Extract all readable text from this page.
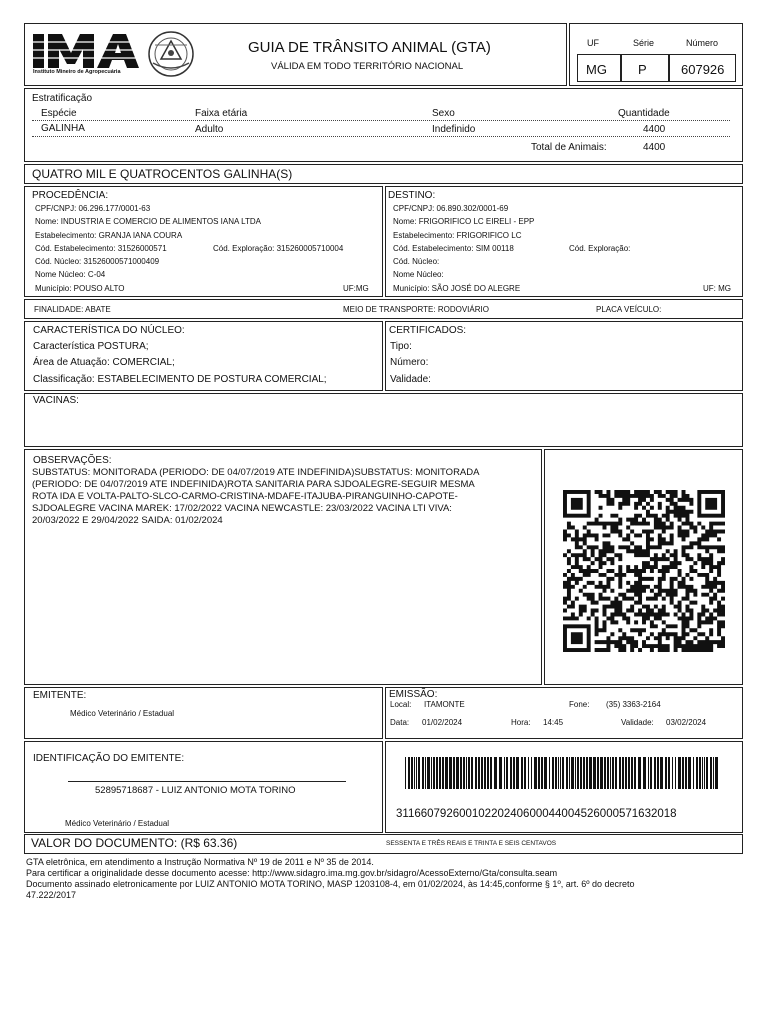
Instituto Mineiro de Agropecuária
GUIA DE TRÂNSITO ANIMAL (GTA)
VÁLIDA EM TODO TERRITÓRIO NACIONAL
UF	Série	Número
MG P	607926
Estratificação
Espécie	Faixa etária	Sexo	Quantidade
GALINHA	Adulto	Indefinido	4400
Total de Animais:	4400
QUATRO MIL E QUATROCENTOS GALINHA(S)
PROCEDÊNCIA:
CPF/CNPJ: 06.296.177/0001-63
Nome: INDUSTRIA E COMERCIO DE ALIMENTOS IANA LTDA
Estabelecimento: GRANJA IANA COURA
Cód. Estabelecimento: 31526000571	Cód. Exploração: 315260005710004
Cód. Núcleo: 31526000571000409
Nome Núcleo: C-04
Município: POUSO ALTO	UF:MG
DESTINO:
CPF/CNPJ: 06.890.302/0001-69
Nome: FRIGORIFICO LC EIRELI - EPP
Estabelecimento: FRIGORIFICO LC
Cód. Estabelecimento: SIM 00118	Cód. Exploração:
Cód. Núcleo:
Nome Núcleo:
Município: SÃO JOSÉ DO ALEGRE	UF: MG
FINALIDADE: ABATE	MEIO DE TRANSPORTE: RODOVIÁRIO	PLACA VEÍCULO:
CARACTERÍSTICA DO NÚCLEO:
Característica POSTURA;
Área de Atuação: COMERCIAL;
Classificação: ESTABELECIMENTO DE POSTURA COMERCIAL;
CERTIFICADOS:
Tipo:
Número:
Validade:
VACINAS:
OBSERVAÇÕES:
SUBSTATUS: MONITORADA (PERIODO: DE 04/07/2019 ATE INDEFINIDA)SUBSTATUS: MONITORADA
(PERIODO: DE 04/07/2019 ATE INDEFINIDA)ROTA SANITARIA PARA SJDOALEGRE-SEGUIR MESMA
ROTA IDA E VOLTA-PALTO-SLCO-CARMO-CRISTINA-MDAFE-ITAJUBA-PIRANGUINHO-CAPOTE-
SJDOALEGRE VACINA MAREK: 17/02/2022 VACINA NEWCASTLE: 23/03/2022 VACINA LTI VIVA:
20/03/2022 E 29/04/2022 SAIDA: 01/02/2024
EMITENTE:
Médico Veterinário / Estadual
EMISSÃO:
Local: ITAMONTE	Fone: (35) 3363-2164
Data: 01/02/2024	Hora: 14:45	Validade: 03/02/2024
IDENTIFICAÇÃO DO EMITENTE:
52895718687 - LUIZ ANTONIO MOTA TORINO
Médico Veterinário / Estadual
31166079260010220240600044004526000571632018
VALOR DO DOCUMENTO: (R$ 63.36)	SESSENTA E TRÊS REAIS E TRINTA E SEIS CENTAVOS
GTA eletrônica, em atendimento a Instrução Normativa Nº 19 de 2011 e Nº 35 de 2014.
Para certificar a originalidade desse documento acesse: http://www.sidagro.ima.mg.gov.br/sidagro/AcessoExterno/Gta/consulta.seam
Documento assinado eletronicamente por LUIZ ANTONIO MOTA TORINO, MASP 1203108-4, em 01/02/2024, às 14:45,conforme § 1º, art. 6º do decreto
47.222/2017
